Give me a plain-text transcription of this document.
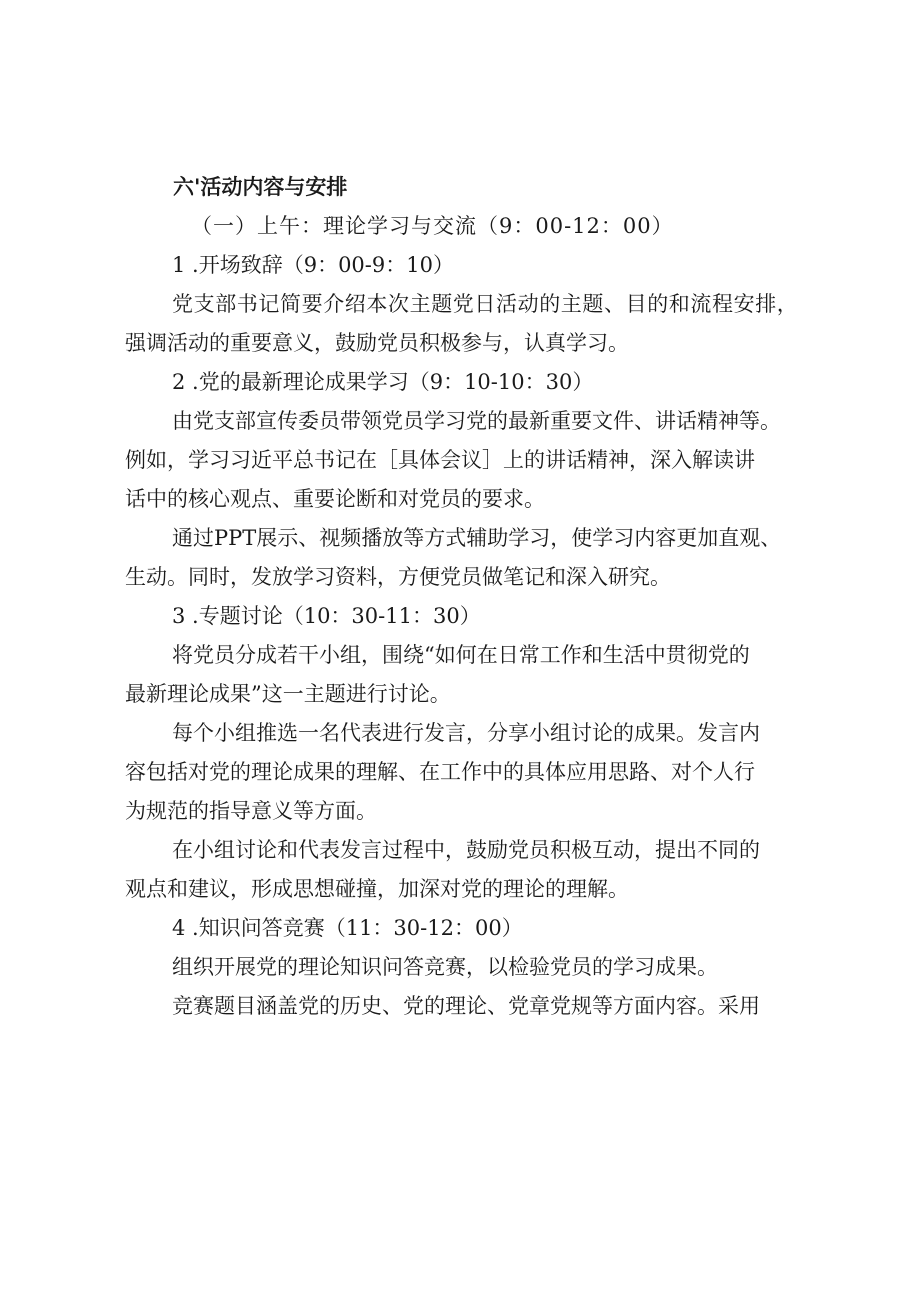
六'活动内容与安排
（一）上午：理论学习与交流（9：00-12：00）
1 .开场致辞（9：00-9：10）
党支部书记简要介绍本次主题党日活动的主题、目的和流程安排，
强调活动的重要意义，鼓励党员积极参与，认真学习。
2 .党的最新理论成果学习（9：10-10：30）
由党支部宣传委员带领党员学习党的最新重要文件、讲话精神等。
例如，学习习近平总书记在［具体会议］上的讲话精神，深入解读讲
话中的核心观点、重要论断和对党员的要求。
通过PPT展示、视频播放等方式辅助学习，使学习内容更加直观、
生动。同时，发放学习资料，方便党员做笔记和深入研究。
3 .专题讨论（10：30-11：30）
将党员分成若干小组，围绕“如何在日常工作和生活中贯彻党的
最新理论成果”这一主题进行讨论。
每个小组推选一名代表进行发言，分享小组讨论的成果。发言内
容包括对党的理论成果的理解、在工作中的具体应用思路、对个人行
为规范的指导意义等方面。
在小组讨论和代表发言过程中，鼓励党员积极互动，提出不同的
观点和建议，形成思想碰撞，加深对党的理论的理解。
4 .知识问答竞赛（11：30-12：00）
组织开展党的理论知识问答竞赛，以检验党员的学习成果。
竞赛题目涵盖党的历史、党的理论、党章党规等方面内容。采用
